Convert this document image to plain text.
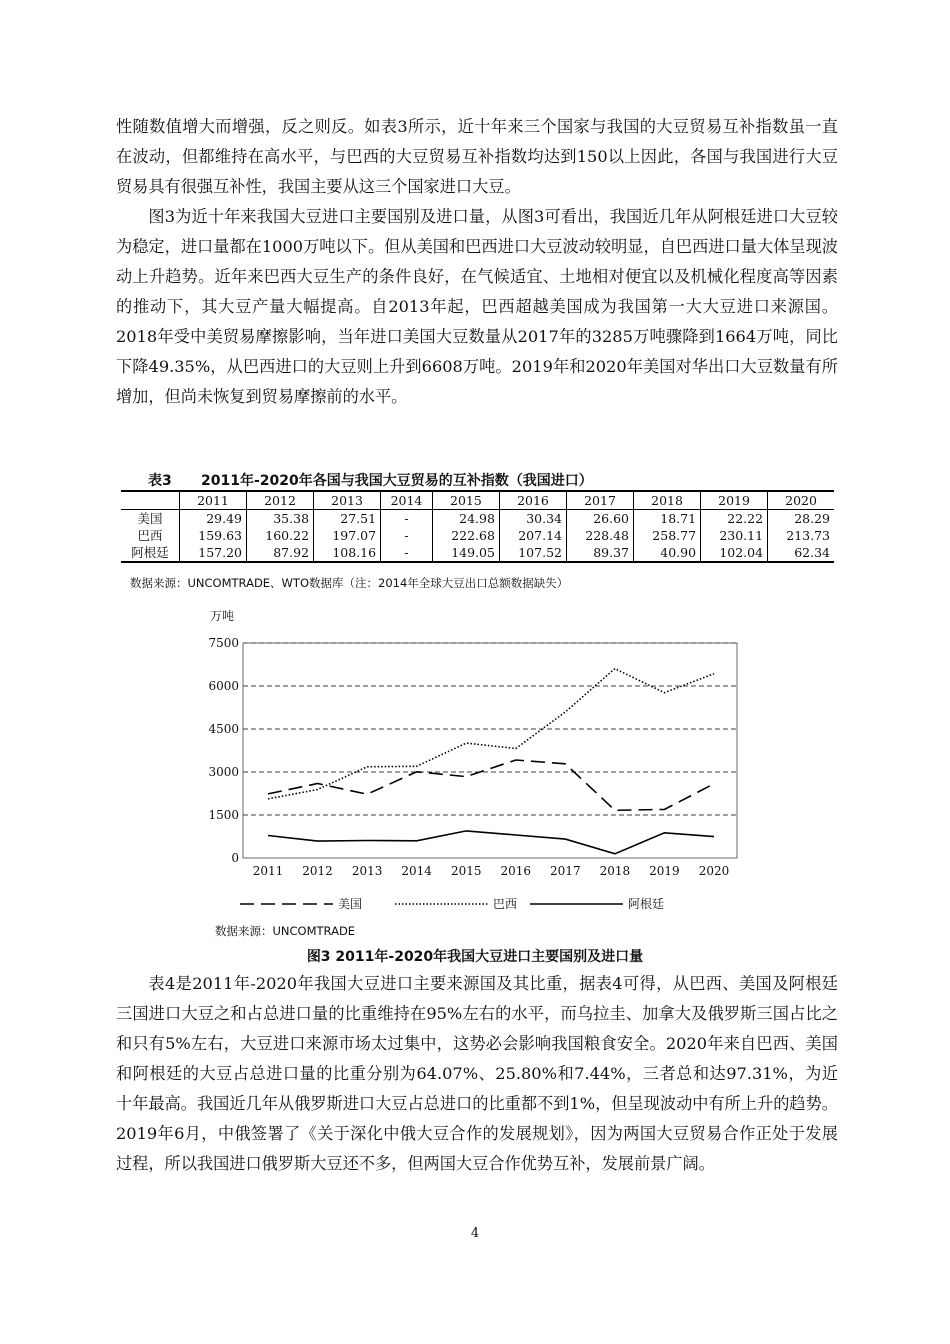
性随数值增大而增强，反之则反。如表3所示，近十年来三个国家与我国的大豆贸易互补指数虽一直在波动，但都维持在高水平，与巴西的大豆贸易互补指数均达到150以上因此，各国与我国进行大豆贸易具有很强互补性，我国主要从这三个国家进口大豆。

图3为近十年来我国大豆进口主要国别及进口量，从图3可看出，我国近几年从阿根廷进口大豆较为稳定，进口量都在1000万吨以下。但从美国和巴西进口大豆波动较明显，自巴西进口量大体呈现波动上升趋势。近年来巴西大豆生产的条件良好，在气候适宜、土地相对便宜以及机械化程度高等因素的推动下，其大豆产量大幅提高。自2013年起，巴西超越美国成为我国第一大大豆进口来源国。2018年受中美贸易摩擦影响，当年进口美国大豆数量从2017年的3285万吨骤降到1664万吨，同比下降49.35%，从巴西进口的大豆则上升到6608万吨。2019年和2020年美国对华出口大豆数量有所增加，但尚未恢复到贸易摩擦前的水平。

表3      2011年-2020年各国与我国大豆贸易的互补指数（我国进口）
	2011	2012	2013	2014	2015	2016	2017	2018	2019	2020
美国	29.49	35.38	27.51	-	24.98	30.34	26.60	18.71	22.22	28.29
巴西	159.63	160.22	197.07	-	222.68	207.14	228.48	258.77	230.11	213.73
阿根廷	157.20	87.92	108.16	-	149.05	107.52	89.37	40.90	102.04	62.34
数据来源：UNCOMTRADE、WTO数据库（注：2014年全球大豆出口总额数据缺失）
万吨
0
1500
3000
4500
6000
7500
2011 2012 2013 2014 2015 2016 2017 2018 2019 2020
美国	巴西	阿根廷
数据来源：UNCOMTRADE
图3 2011年-2020年我国大豆进口主要国别及进口量

表4是2011年-2020年我国大豆进口主要来源国及其比重，据表4可得，从巴西、美国及阿根廷三国进口大豆之和占总进口量的比重维持在95%左右的水平，而乌拉圭、加拿大及俄罗斯三国占比之和只有5%左右，大豆进口来源市场太过集中，这势必会影响我国粮食安全。2020年来自巴西、美国和阿根廷的大豆占总进口量的比重分别为64.07%、25.80%和7.44%，三者总和达97.31%，为近十年最高。我国近几年从俄罗斯进口大豆占总进口的比重都不到1%，但呈现波动中有所上升的趋势。2019年6月，中俄签署了《关于深化中俄大豆合作的发展规划》，因为两国大豆贸易合作正处于发展过程，所以我国进口俄罗斯大豆还不多，但两国大豆合作优势互补，发展前景广阔。

4
